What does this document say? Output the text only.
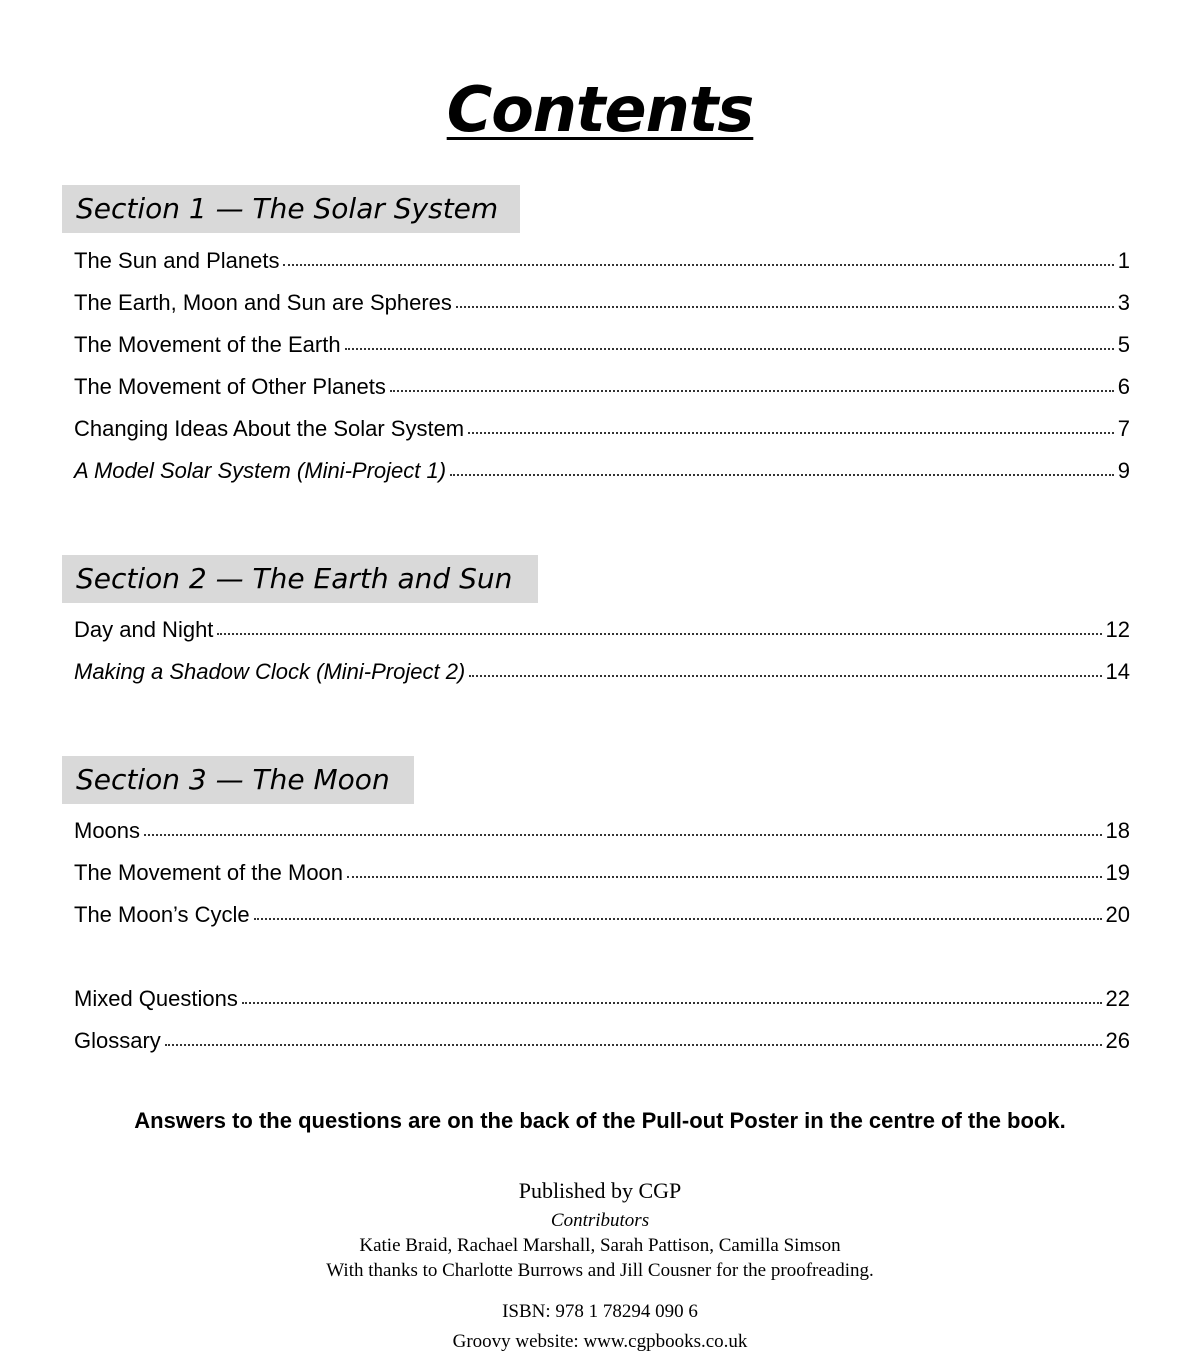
Contents
Section 1 — The Solar System
The Sun and Planets	1
The Earth, Moon and Sun are Spheres	3
The Movement of the Earth	5
The Movement of Other Planets	6
Changing Ideas About the Solar System	7
A Model Solar System (Mini-Project 1)	9
Section 2 — The Earth and Sun
Day and Night	12
Making a Shadow Clock (Mini-Project 2)	14
Section 3 — The Moon
Moons	18
The Movement of the Moon	19
The Moon’s Cycle	20
Mixed Questions	22
Glossary	26
Answers to the questions are on the back of the Pull-out Poster in the centre of the book.
Published by CGP
Contributors
Katie Braid, Rachael Marshall, Sarah Pattison, Camilla Simson
With thanks to Charlotte Burrows and Jill Cousner for the proofreading.
ISBN: 978 1 78294 090 6
Groovy website: www.cgpbooks.co.uk
